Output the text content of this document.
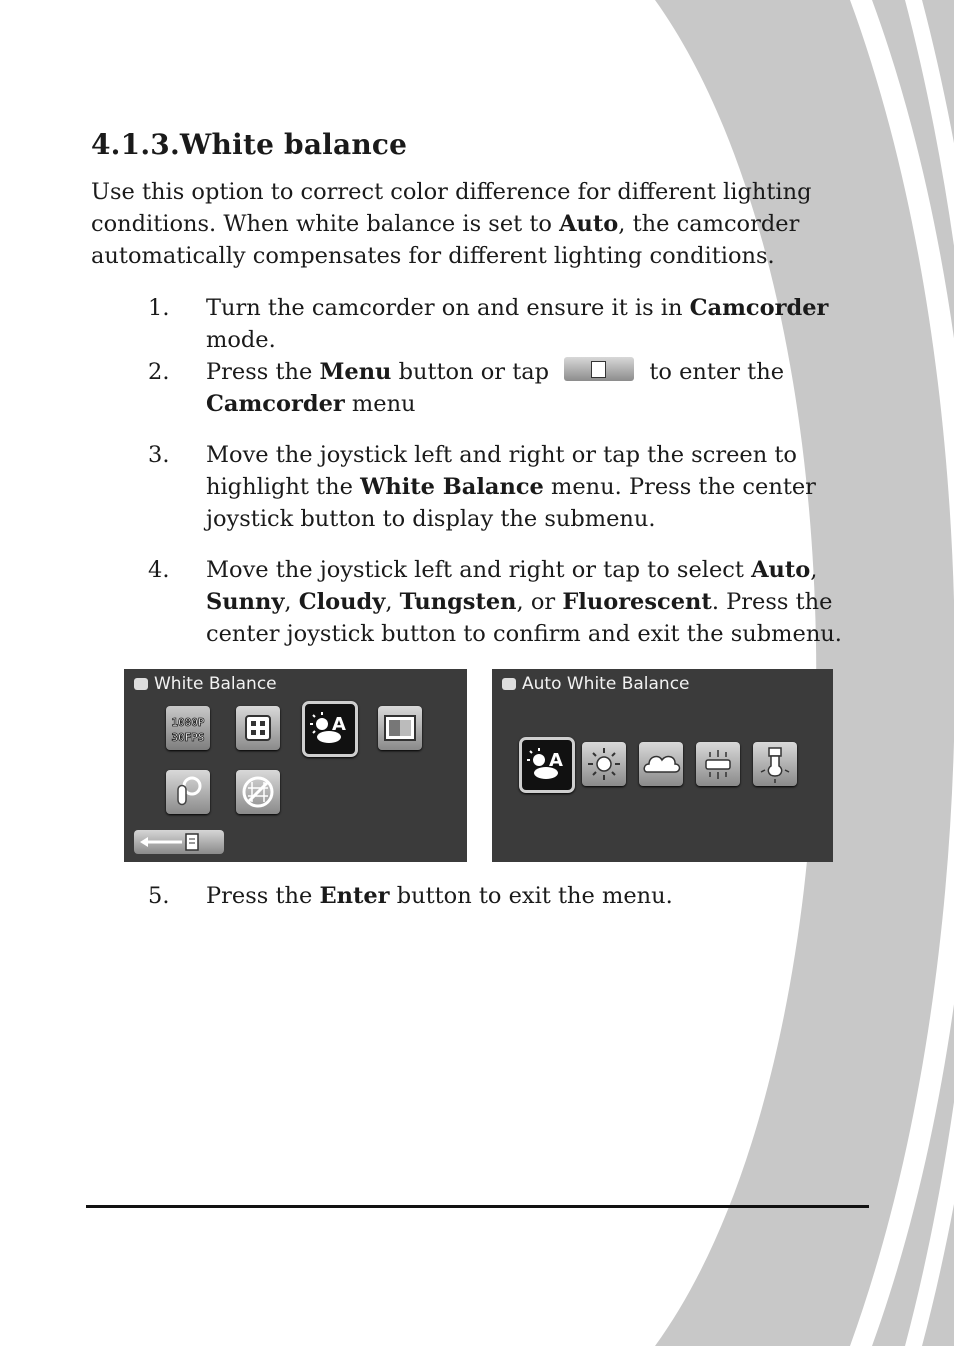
4.1.3.White balance

Use this option to correct color difference for different lighting conditions. When white balance is set to Auto, the camcorder automatically compensates for different lighting conditions.

1. Turn the camcorder on and ensure it is in Camcorder mode.
2. Press the Menu button or tap	to enter the Camcorder menu
3. Move the joystick left and right or tap the screen to highlight the White Balance menu. Press the center joystick button to display the submenu.
4. Move the joystick left and right or tap to select Auto, Sunny, Cloudy, Tungsten, or Fluorescent. Press the center joystick button to confirm and exit the submenu.
White Balance
1080P
30FPS
A
Auto White Balance
A
5. Press the Enter button to exit the menu.
